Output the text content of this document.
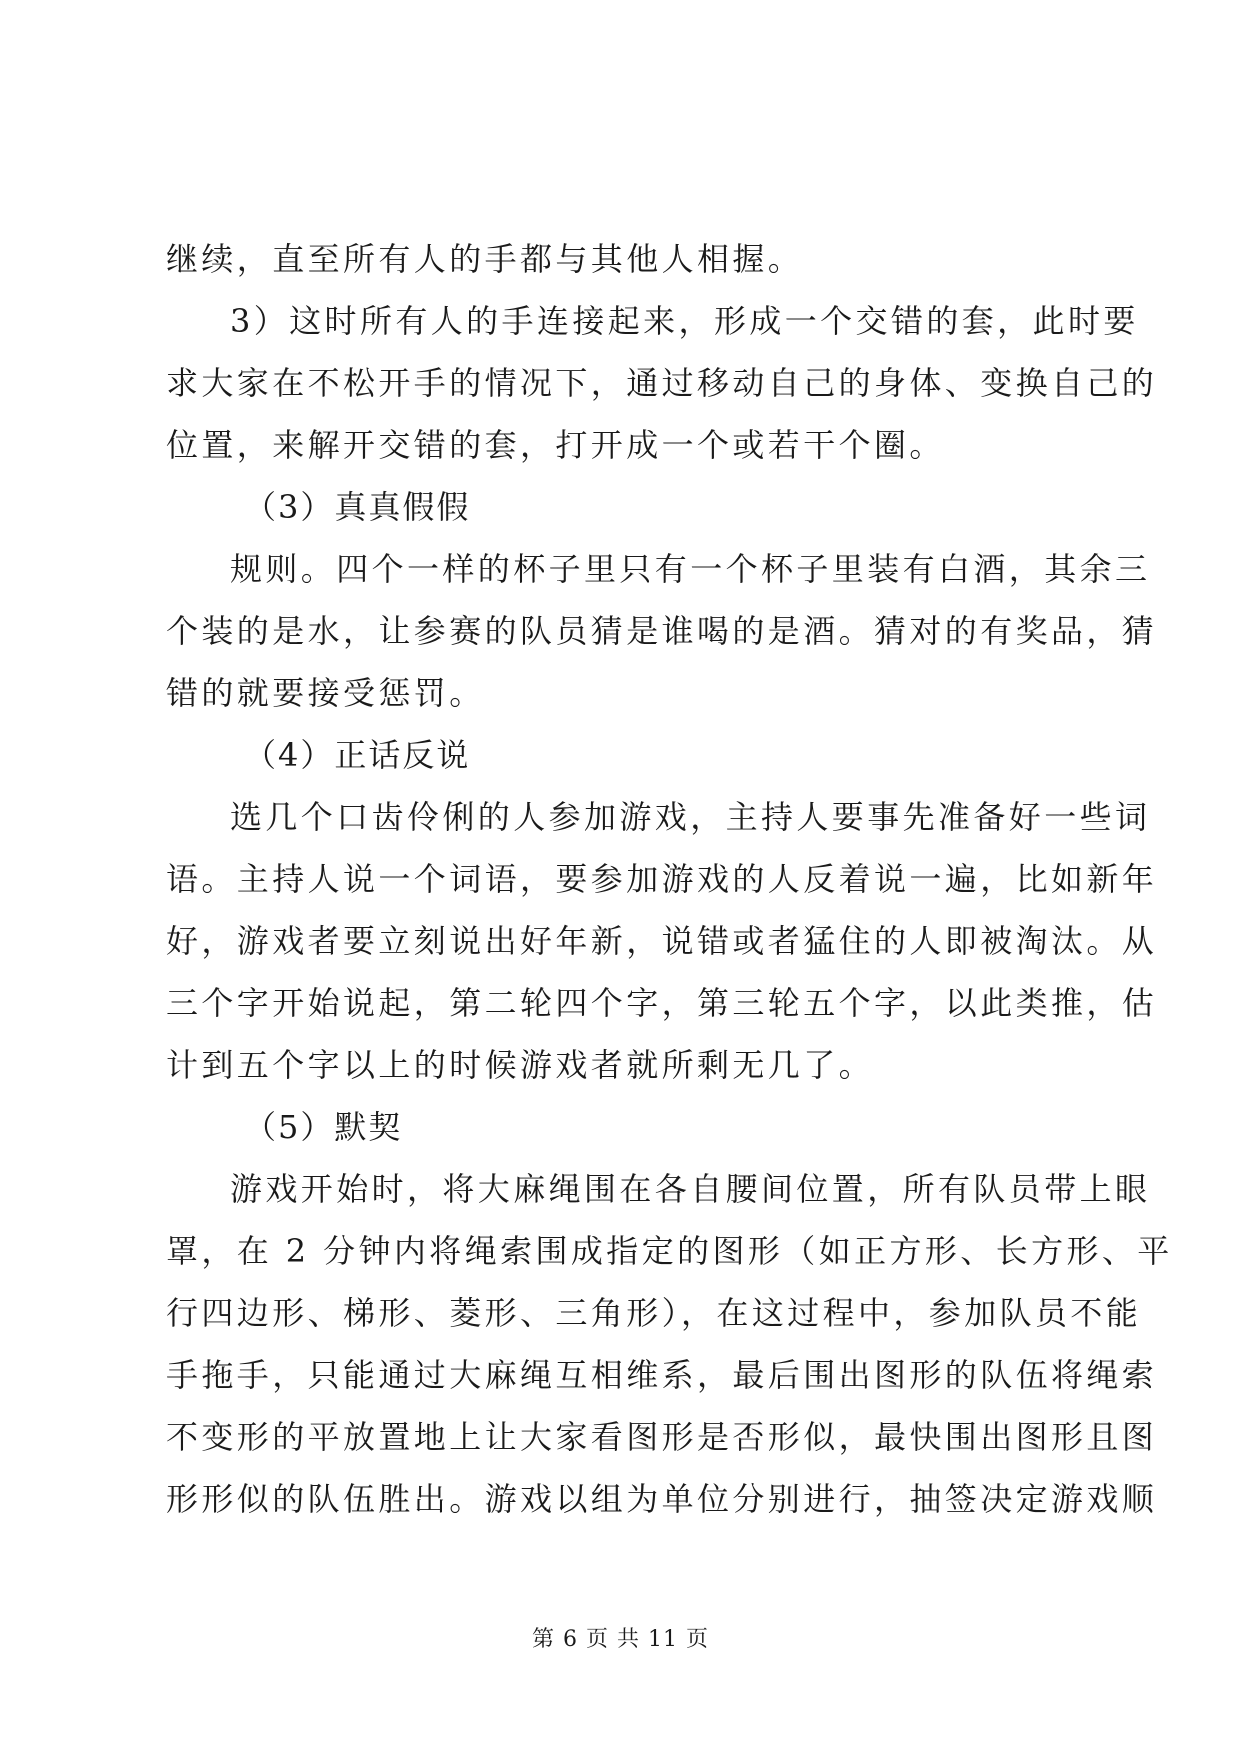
继续，直至所有人的手都与其他人相握。
3）这时所有人的手连接起来，形成一个交错的套，此时要
求大家在不松开手的情况下，通过移动自己的身体、变换自己的
位置，来解开交错的套，打开成一个或若干个圈。
（3）真真假假
规则。四个一样的杯子里只有一个杯子里装有白酒，其余三
个装的是水，让参赛的队员猜是谁喝的是酒。猜对的有奖品，猜
错的就要接受惩罚。
（4）正话反说
选几个口齿伶俐的人参加游戏，主持人要事先准备好一些词
语。主持人说一个词语，要参加游戏的人反着说一遍，比如新年
好，游戏者要立刻说出好年新，说错或者猛住的人即被淘汰。从
三个字开始说起，第二轮四个字，第三轮五个字，以此类推，估
计到五个字以上的时候游戏者就所剩无几了。
（5）默契
游戏开始时，将大麻绳围在各自腰间位置，所有队员带上眼
罩，在 2 分钟内将绳索围成指定的图形（如正方形、长方形、平
行四边形、梯形、菱形、三角形），在这过程中，参加队员不能
手拖手，只能通过大麻绳互相维系，最后围出图形的队伍将绳索
不变形的平放置地上让大家看图形是否形似，最快围出图形且图
形形似的队伍胜出。游戏以组为单位分别进行，抽签决定游戏顺
第 6 页 共 11 页
